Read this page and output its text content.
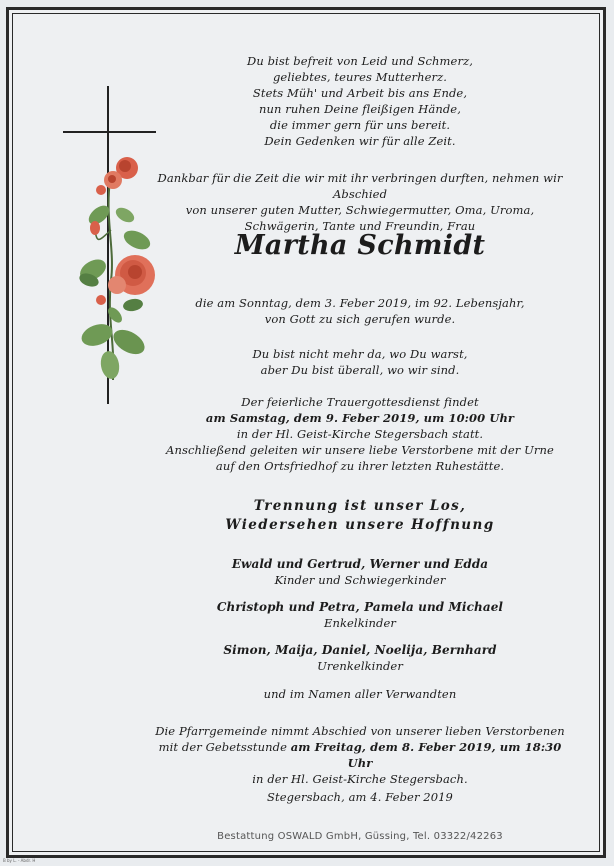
Du bist befreit von Leid und Schmerz,

geliebtes, teures Mutterherz.

Stets Müh' und Arbeit bis ans Ende,

nun ruhen Deine fleißigen Hände,

die immer gern für uns bereit.

Dein Gedenken wir für alle Zeit.

Dankbar für die Zeit die wir mit ihr verbringen durften, nehmen wir Abschied

von unserer guten Mutter, Schwiegermutter, Oma, Uroma,

Schwägerin, Tante und Freundin, Frau

Martha Schmidt

die am Sonntag, dem 3. Feber 2019, im 92. Lebensjahr,

von Gott zu sich gerufen wurde.

Du bist nicht mehr da, wo Du warst,

aber Du bist überall, wo wir sind.

Der feierliche Trauergottesdienst findet

am Samstag, dem 9. Feber 2019, um 10:00 Uhr

in der Hl. Geist-Kirche Stegersbach statt.

Anschließend geleiten wir unsere liebe Verstorbene mit der Urne

auf den Ortsfriedhof zu ihrer letzten Ruhestätte.

Trennung ist unser Los,

Wiedersehen unsere Hoffnung

Ewald und Gertrud, Werner und Edda

Kinder und Schwiegerkinder

Christoph und Petra, Pamela und Michael

Enkelkinder

Simon, Maija, Daniel, Noelija, Bernhard

Urenkelkinder

und im Namen aller Verwandten

Die Pfarrgemeinde nimmt Abschied von unserer lieben Verstorbenen

mit der Gebetsstunde am Freitag, dem 8. Feber 2019, um 18:30 Uhr

in der Hl. Geist-Kirche Stegersbach.

Stegersbach, am 4. Feber 2019
Bestattung OSWALD GmbH, Güssing, Tel. 03322/42263
B by L. - Abdr. H
